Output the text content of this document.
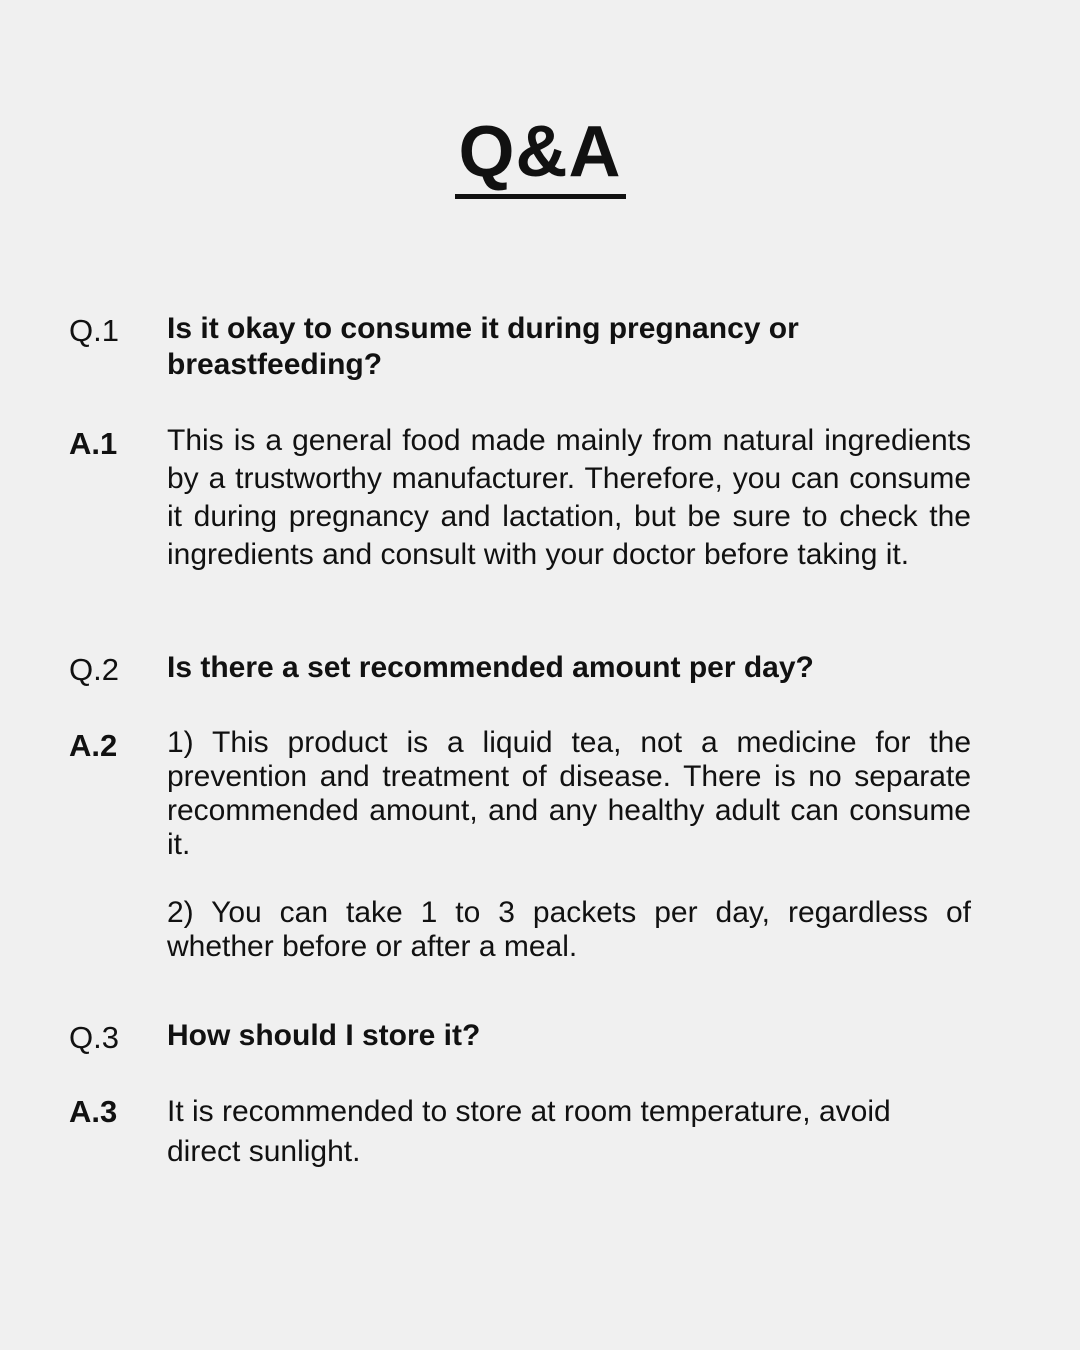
Q&A
Q.1 Is it okay to consume it during pregnancy or breastfeeding?
A.1 This is a general food made mainly from natural ingredients by a trustworthy manufacturer. Therefore, you can consume it during pregnancy and lactation, but be sure to check the ingredients and consult with your doctor before taking it.

Q.2 Is there a set recommended amount per day?
A.2 1) This product is a liquid tea, not a medicine for the prevention and treatment of disease. There is no separate recommended amount, and any healthy adult can consume it.

2) You can take 1 to 3 packets per day, regardless of whether before or after a meal.

Q.3 How should I store it?
A.3 It is recommended to store at room temperature, avoid direct sunlight.
